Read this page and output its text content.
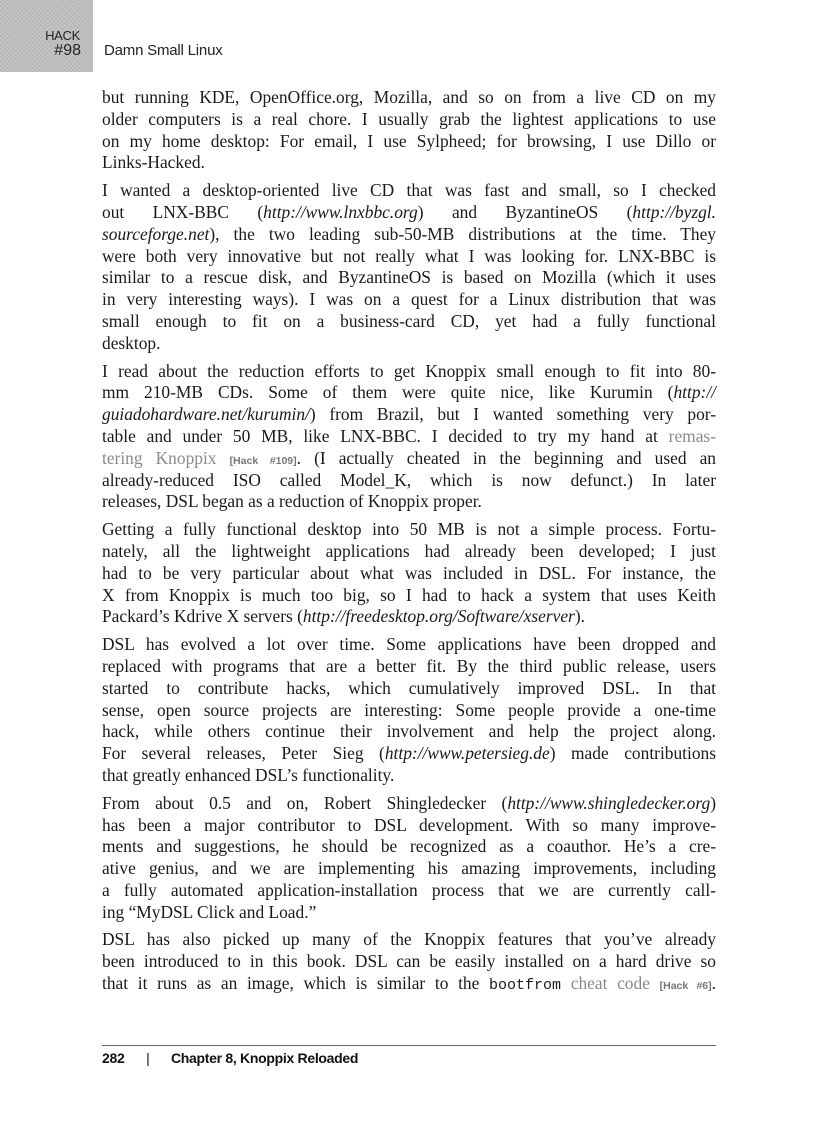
HACK
#98 Damn Small Linux
but running KDE, OpenOffice.org, Mozilla, and so on from a live CD on my
older computers is a real chore. I usually grab the lightest applications to use
on my home desktop: For email, I use Sylpheed; for browsing, I use Dillo or
Links-Hacked.
I wanted a desktop-oriented live CD that was fast and small, so I checked
out LNX-BBC (http://www.lnxbbc.org) and ByzantineOS (http://byzgl.
sourceforge.net), the two leading sub-50-MB distributions at the time. They
were both very innovative but not really what I was looking for. LNX-BBC is
similar to a rescue disk, and ByzantineOS is based on Mozilla (which it uses
in very interesting ways). I was on a quest for a Linux distribution that was
small enough to fit on a business-card CD, yet had a fully functional
desktop.
I read about the reduction efforts to get Knoppix small enough to fit into 80-
mm 210-MB CDs. Some of them were quite nice, like Kurumin (http://
guiadohardware.net/kurumin/) from Brazil, but I wanted something very por-
table and under 50 MB, like LNX-BBC. I decided to try my hand at remas-
tering Knoppix [Hack #109]. (I actually cheated in the beginning and used an
already-reduced ISO called Model_K, which is now defunct.) In later
releases, DSL began as a reduction of Knoppix proper.
Getting a fully functional desktop into 50 MB is not a simple process. Fortu-
nately, all the lightweight applications had already been developed; I just
had to be very particular about what was included in DSL. For instance, the
X from Knoppix is much too big, so I had to hack a system that uses Keith
Packard’s Kdrive X servers (http://freedesktop.org/Software/xserver).
DSL has evolved a lot over time. Some applications have been dropped and
replaced with programs that are a better fit. By the third public release, users
started to contribute hacks, which cumulatively improved DSL. In that
sense, open source projects are interesting: Some people provide a one-time
hack, while others continue their involvement and help the project along.
For several releases, Peter Sieg (http://www.petersieg.de) made contributions
that greatly enhanced DSL’s functionality.
From about 0.5 and on, Robert Shingledecker (http://www.shingledecker.org)
has been a major contributor to DSL development. With so many improve-
ments and suggestions, he should be recognized as a coauthor. He’s a cre-
ative genius, and we are implementing his amazing improvements, including
a fully automated application-installation process that we are currently call-
ing “MyDSL Click and Load.”
DSL has also picked up many of the Knoppix features that you’ve already
been introduced to in this book. DSL can be easily installed on a hard drive so
that it runs as an image, which is similar to the bootfrom cheat code [Hack #6].
282 | Chapter 8, Knoppix Reloaded
